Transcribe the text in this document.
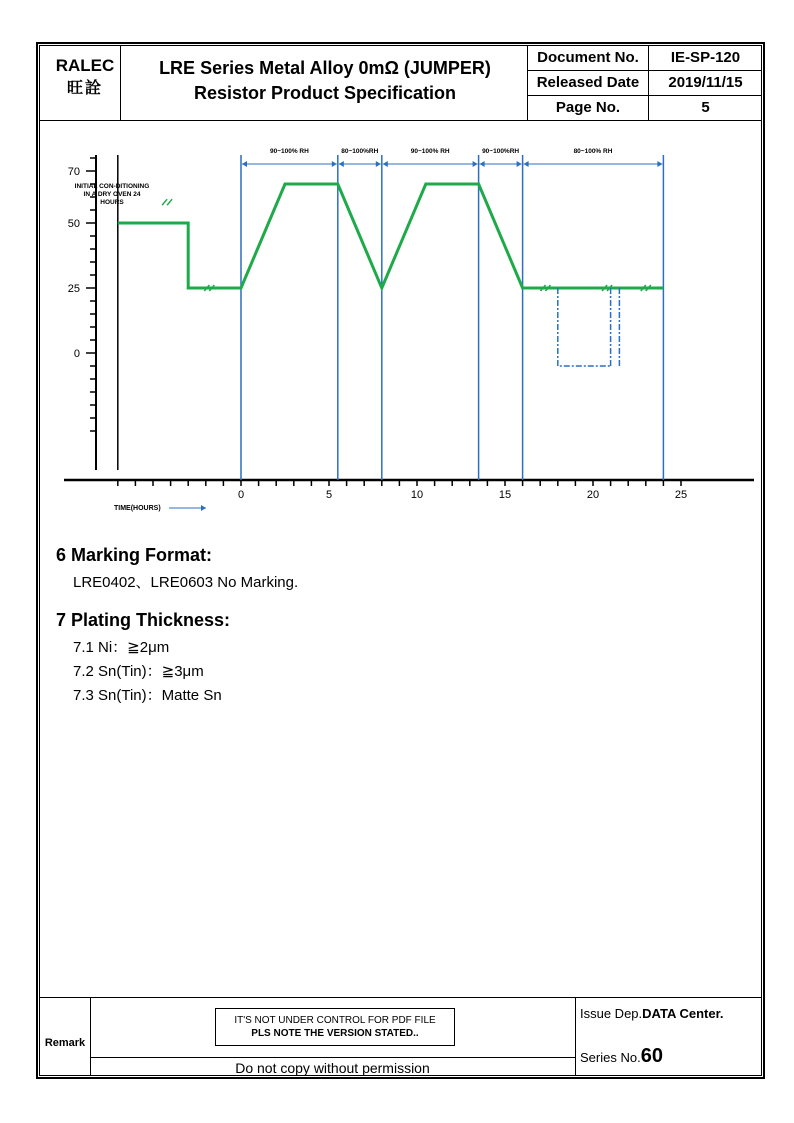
RALEC
旺詮
LRE Series Metal Alloy 0mΩ (JUMPER)
Resistor Product Specification
Document No.	IE-SP-120
Released Date	2019/11/15
Page No.	5
70
50
25
0
0	5	10	15	20	25
TIME(HOURS)
90~100% RH	80~100%RH	90~100% RH	90~100%RH	80~100% RH
INITIAL CON-DITIONING
IN A DRY OVEN 24
HOURS
6 Marking Format:
LRE0402、LRE0603 No Marking.
7 Plating Thickness:
7.1 Ni：≧2μm
7.2 Sn(Tin)：≧3μm
7.3 Sn(Tin)：Matte Sn
Remark
IT'S NOT UNDER CONTROL FOR PDF FILE
PLS NOTE THE VERSION STATED..
Do not copy without permission
Issue Dep.DATA Center.
Series No.60
